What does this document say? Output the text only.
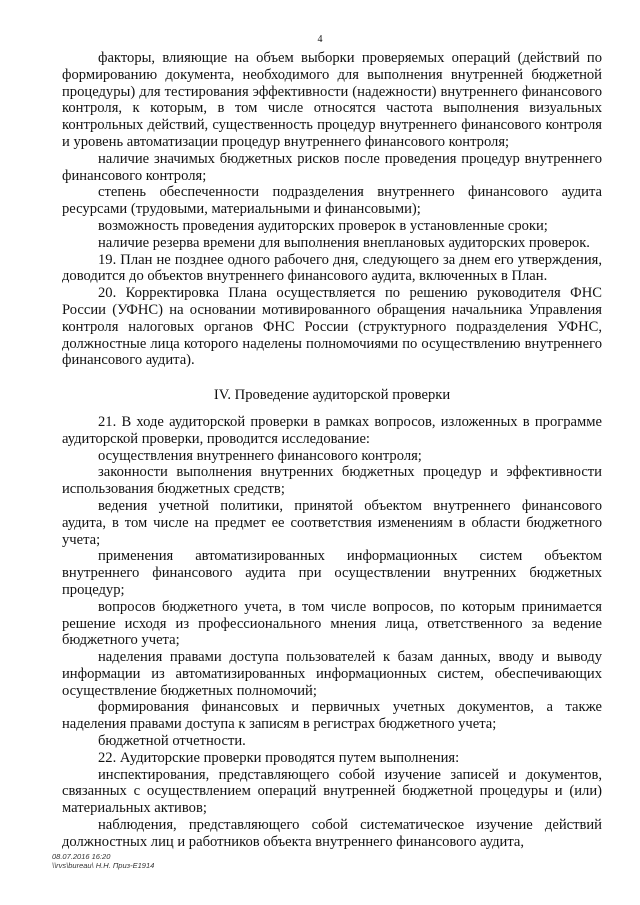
4

факторы, влияющие на объем выборки проверяемых операций (действий по формированию документа, необходимого для выполнения внутренней бюджетной процедуры) для тестирования эффективности (надежности) внутреннего финансового контроля, к которым, в том числе относятся частота выполнения визуальных контрольных действий, существенность процедур внутреннего финансового контроля и уровень автоматизации процедур внутреннего финансового контроля;

наличие значимых бюджетных рисков после проведения процедур внутреннего финансового контроля;

степень обеспеченности подразделения внутреннего финансового аудита ресурсами (трудовыми, материальными и финансовыми);

возможность проведения аудиторских проверок в установленные сроки;

наличие резерва времени для выполнения внеплановых аудиторских проверок.

19. План не позднее одного рабочего дня, следующего за днем его утверждения, доводится до объектов внутреннего финансового аудита, включенных в План.

20. Корректировка Плана осуществляется по решению руководителя ФНС России (УФНС) на основании мотивированного обращения начальника Управления контроля налоговых органов ФНС России (структурного подразделения УФНС, должностные лица которого наделены полномочиями по осуществлению внутреннего финансового аудита).

IV. Проведение аудиторской проверки

21. В ходе аудиторской проверки в рамках вопросов, изложенных в программе аудиторской проверки, проводится исследование:

осуществления внутреннего финансового контроля;

законности выполнения внутренних бюджетных процедур и эффективности использования бюджетных средств;

ведения учетной политики, принятой объектом внутреннего финансового аудита, в том числе на предмет ее соответствия изменениям в области бюджетного учета;

применения автоматизированных информационных систем объектом внутреннего финансового аудита при осуществлении внутренних бюджетных процедур;

вопросов бюджетного учета, в том числе вопросов, по которым принимается решение исходя из профессионального мнения лица, ответственного за ведение бюджетного учета;

наделения правами доступа пользователей к базам данных, вводу и выводу информации из автоматизированных информационных систем, обеспечивающих осуществление бюджетных полномочий;

формирования финансовых и первичных учетных документов, а также наделения правами доступа к записям в регистрах бюджетного учета;

бюджетной отчетности.

22. Аудиторские проверки проводятся путем выполнения:

инспектирования, представляющего собой изучение записей и документов, связанных с осуществлением операций внутренней бюджетной процедуры и (или) материальных активов;

наблюдения, представляющего собой систематическое изучение действий должностных лиц и работников объекта внутреннего финансового аудита,

08.07.2016 16:20
\\rvs\bureau\ Н.Н. Приз-E1914
